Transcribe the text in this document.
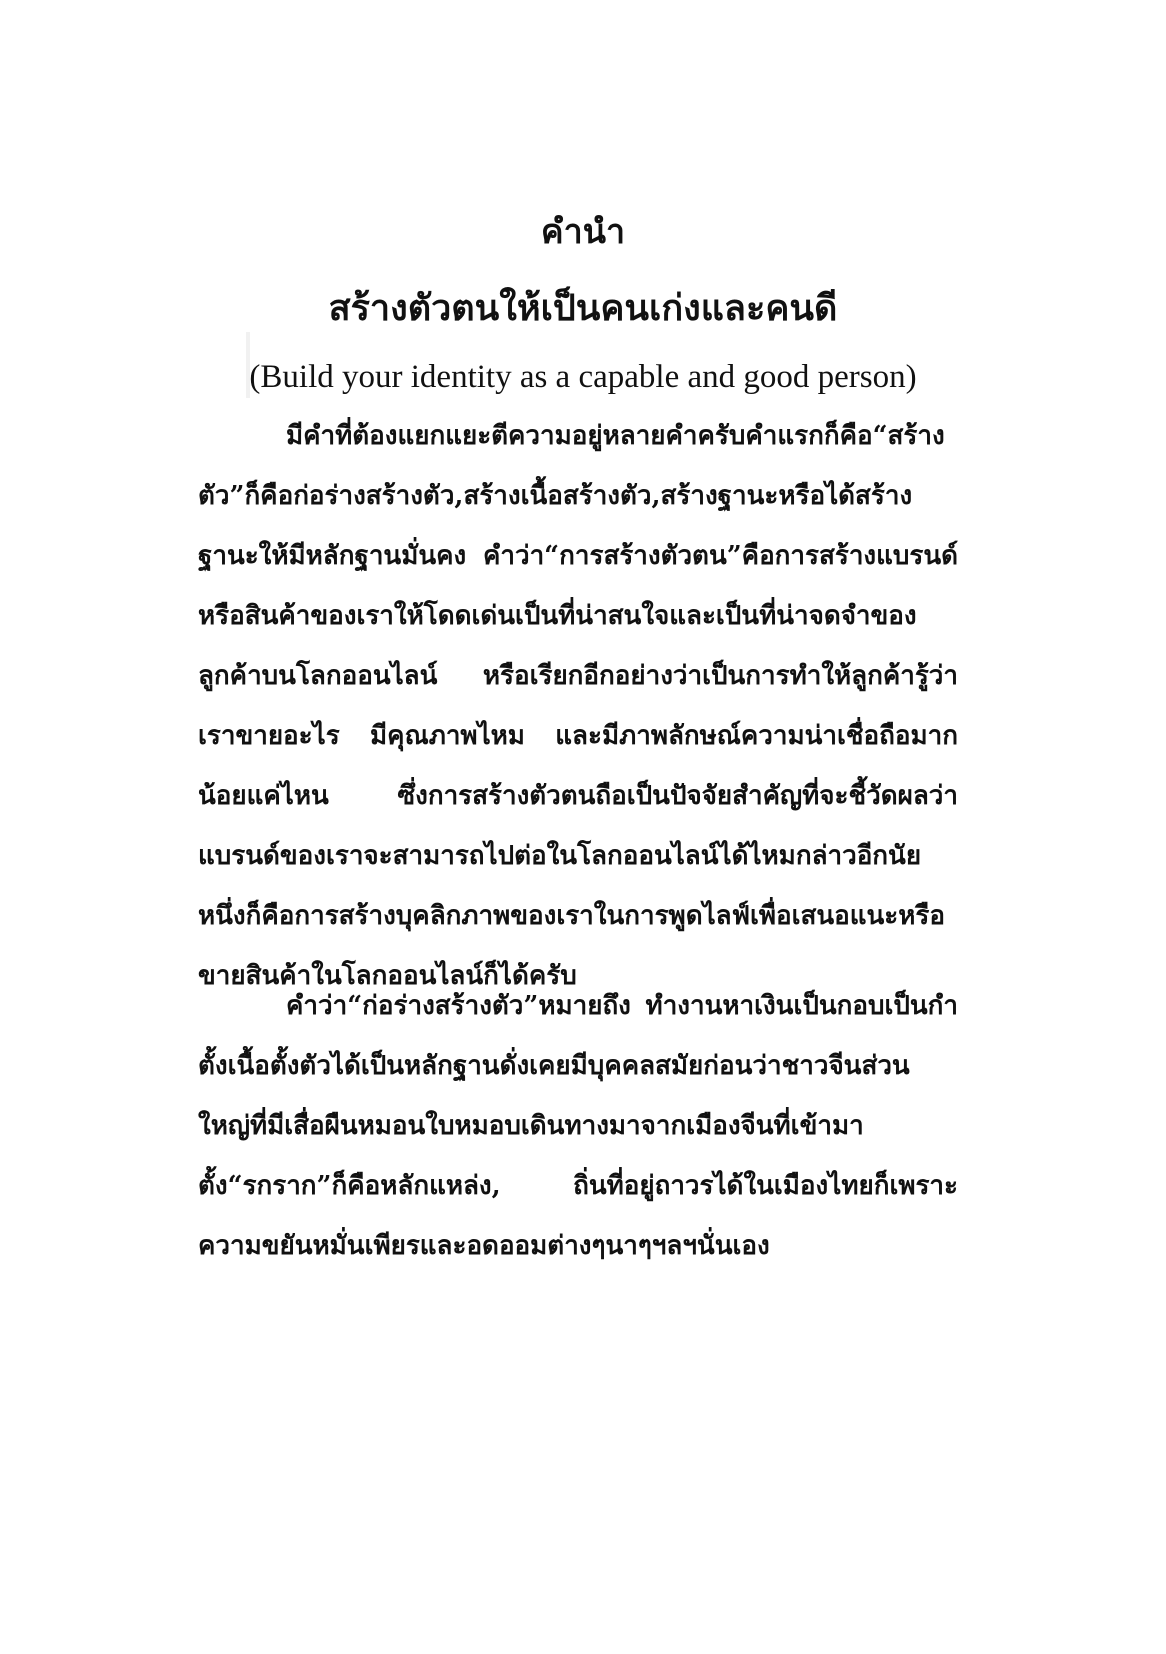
คำนำ
สร้างตัวตนให้เป็นคนเก่งและคนดี
(Build your identity as a capable and good person)

มีคำที่ต้องแยกแยะตีความอยู่หลายคำครับคำแรกก็คือ“สร้างตัว”ก็คือก่อร่างสร้างตัว,สร้างเนื้อสร้างตัว,สร้างฐานะหรือได้สร้างฐานะให้มีหลักฐานมั่นคง คำว่า“การสร้างตัวตน”คือการสร้างแบรนด์หรือสินค้าของเราให้โดดเด่นเป็นที่น่าสนใจและเป็นที่น่าจดจำของลูกค้าบนโลกออนไลน์ หรือเรียกอีกอย่างว่าเป็นการทำให้ลูกค้ารู้ว่าเราขายอะไร มีคุณภาพไหม และมีภาพลักษณ์ความน่าเชื่อถือมากน้อยแค่ไหน ซึ่งการสร้างตัวตนถือเป็นปัจจัยสำคัญที่จะชี้วัดผลว่าแบรนด์ของเราจะสามารถไปต่อในโลกออนไลน์ได้ไหมกล่าวอีกนัยหนึ่งก็คือการสร้างบุคลิกภาพของเราในการพูดไลฟ์เพื่อเสนอแนะหรือขายสินค้าในโลกออนไลน์ก็ได้ครับ

คำว่า“ก่อร่างสร้างตัว”หมายถึง ทำงานหาเงินเป็นกอบเป็นกำตั้งเนื้อตั้งตัวได้เป็นหลักฐานดั่งเคยมีบุคคลสมัยก่อนว่าชาวจีนส่วนใหญ่ที่มีเสื่อผืนหมอนใบหมอบเดินทางมาจากเมืองจีนที่เข้ามาตั้ง“รกราก”ก็คือหลักแหล่ง, ถิ่นที่อยู่ถาวรได้ในเมืองไทยก็เพราะความขยันหมั่นเพียรและอดออมต่างๆนาๆฯลฯนั่นเอง
